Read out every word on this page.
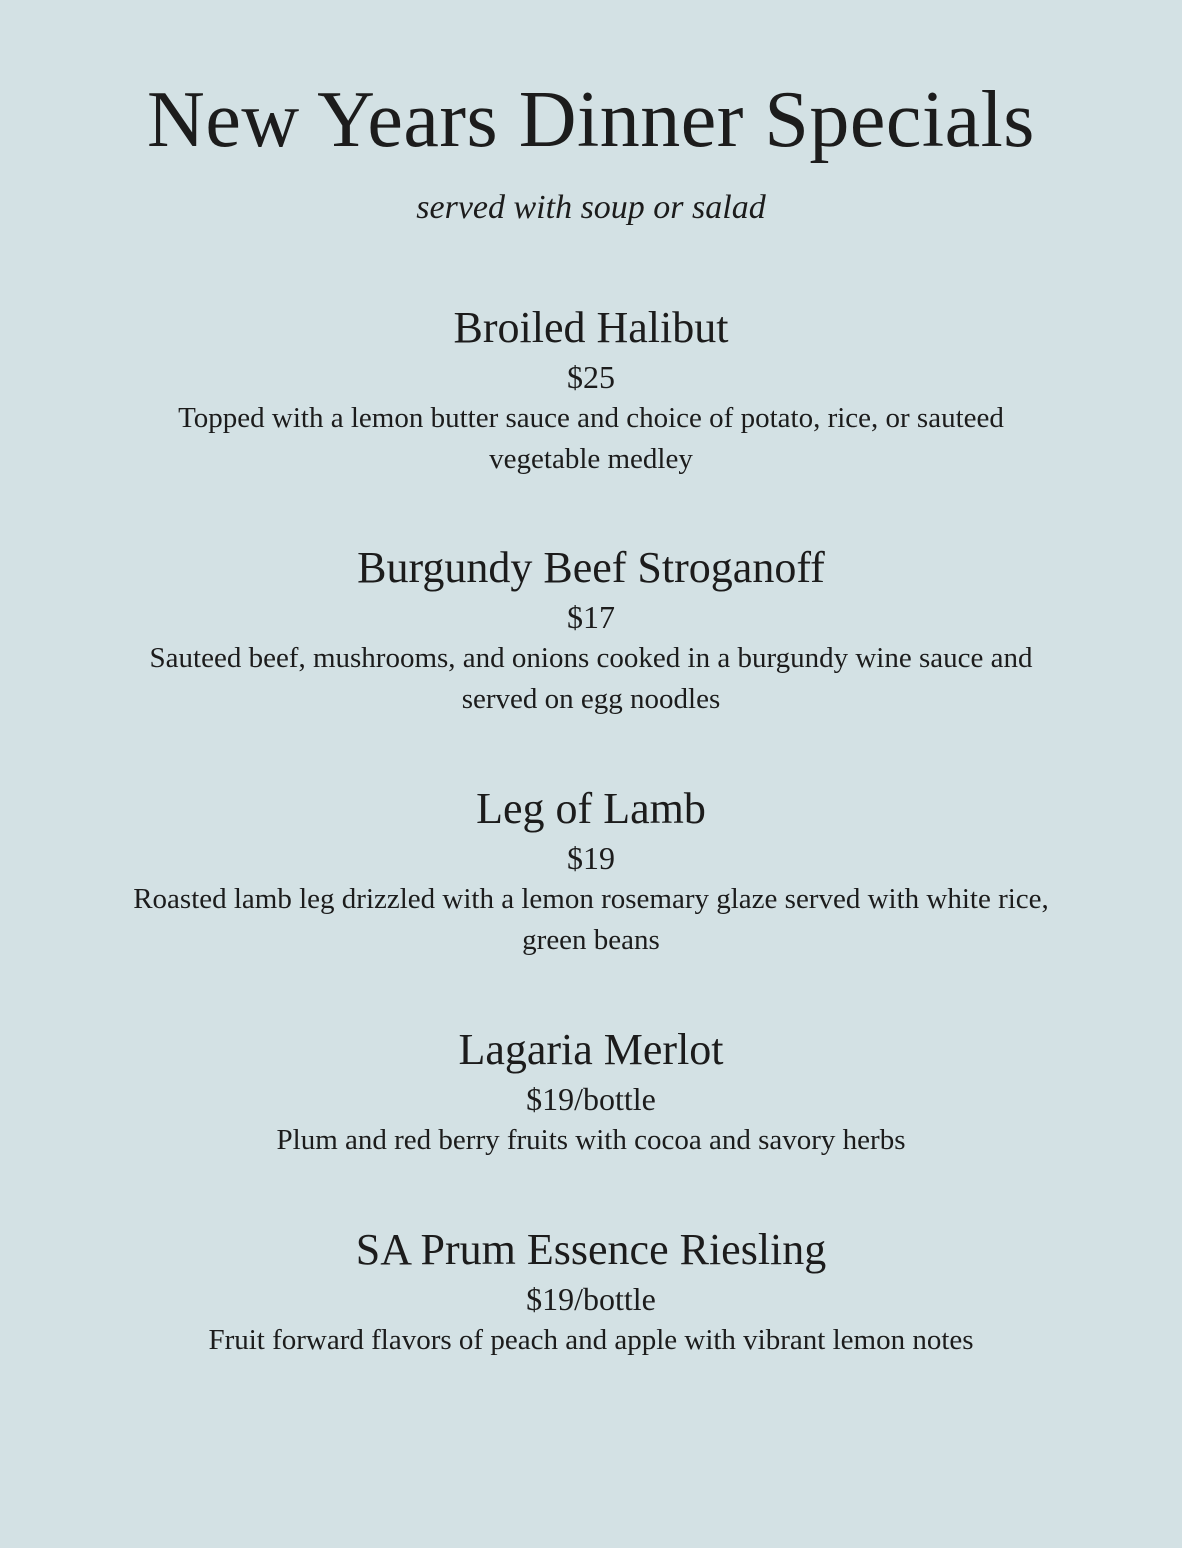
New Years Dinner Specials

served with soup or salad

Broiled Halibut

$25

Topped with a lemon butter sauce and choice of potato, rice, or sauteed vegetable medley

Burgundy Beef Stroganoff

$17

Sauteed beef, mushrooms, and onions cooked in a burgundy wine sauce and served on egg noodles

Leg of Lamb

$19

Roasted lamb leg drizzled with a lemon rosemary glaze served with white rice, green beans

Lagaria Merlot

$19/bottle

Plum and red berry fruits with cocoa and savory herbs

SA Prum Essence Riesling

$19/bottle

Fruit forward flavors of peach and apple with vibrant lemon notes
